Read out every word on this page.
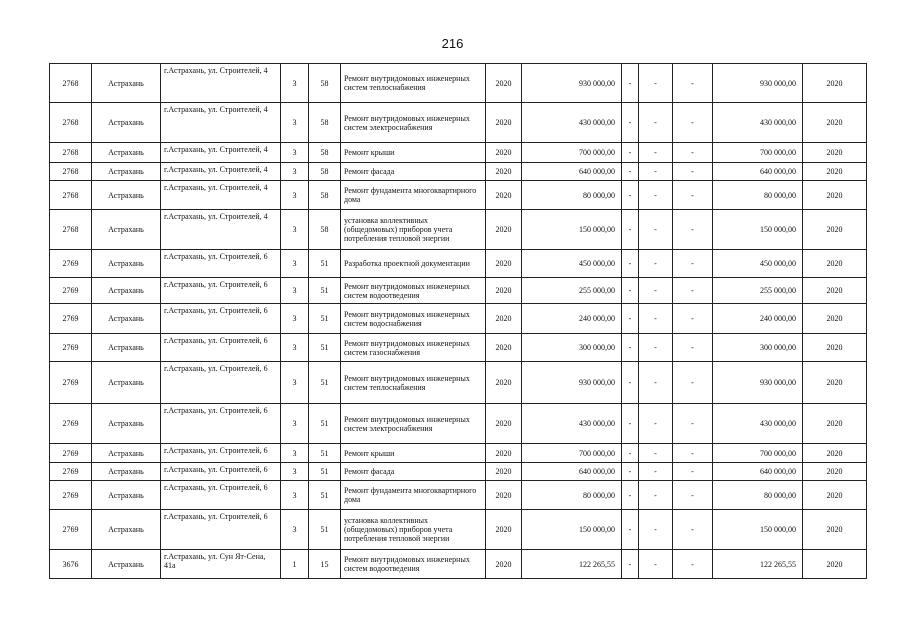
216
2768	Астрахань	г.Астрахань, ул. Строителей, 4	3	58	Ремонт внутридомовых инженерных систем теплоснабжения	2020	930 000,00	-	-	-	930 000,00	2020
2768	Астрахань	г.Астрахань, ул. Строителей, 4	3	58	Ремонт внутридомовых инженерных систем электроснабжения	2020	430 000,00	-	-	-	430 000,00	2020
2768	Астрахань	г.Астрахань, ул. Строителей, 4	3	58	Ремонт крыши	2020	700 000,00	-	-	-	700 000,00	2020
2768	Астрахань	г.Астрахань, ул. Строителей, 4	3	58	Ремонт фасада	2020	640 000,00	-	-	-	640 000,00	2020
2768	Астрахань	г.Астрахань, ул. Строителей, 4	3	58	Ремонт фундамента многоквартирного дома	2020	80 000,00	-	-	-	80 000,00	2020
2768	Астрахань	г.Астрахань, ул. Строителей, 4	3	58	установка коллективных (общедомовых) приборов учета потребления тепловой энергии	2020	150 000,00	-	-	-	150 000,00	2020
2769	Астрахань	г.Астрахань, ул. Строителей, 6	3	51	Разработка проектной документации	2020	450 000,00	-	-	-	450 000,00	2020
2769	Астрахань	г.Астрахань, ул. Строителей, 6	3	51	Ремонт внутридомовых инженерных систем водоотведения	2020	255 000,00	-	-	-	255 000,00	2020
2769	Астрахань	г.Астрахань, ул. Строителей, 6	3	51	Ремонт внутридомовых инженерных систем водоснабжения	2020	240 000,00	-	-	-	240 000,00	2020
2769	Астрахань	г.Астрахань, ул. Строителей, 6	3	51	Ремонт внутридомовых инженерных систем газоснабжения	2020	300 000,00	-	-	-	300 000,00	2020
2769	Астрахань	г.Астрахань, ул. Строителей, 6	3	51	Ремонт внутридомовых инженерных систем теплоснабжения	2020	930 000,00	-	-	-	930 000,00	2020
2769	Астрахань	г.Астрахань, ул. Строителей, 6	3	51	Ремонт внутридомовых инженерных систем электроснабжения	2020	430 000,00	-	-	-	430 000,00	2020
2769	Астрахань	г.Астрахань, ул. Строителей, 6	3	51	Ремонт крыши	2020	700 000,00	-	-	-	700 000,00	2020
2769	Астрахань	г.Астрахань, ул. Строителей, 6	3	51	Ремонт фасада	2020	640 000,00	-	-	-	640 000,00	2020
2769	Астрахань	г.Астрахань, ул. Строителей, 6	3	51	Ремонт фундамента многоквартирного дома	2020	80 000,00	-	-	-	80 000,00	2020
2769	Астрахань	г.Астрахань, ул. Строителей, 6	3	51	установка коллективных (общедомовых) приборов учета потребления тепловой энергии	2020	150 000,00	-	-	-	150 000,00	2020
3676	Астрахань	г.Астрахань, ул. Сун Ят-Сена, 41а	1	15	Ремонт внутридомовых инженерных систем водоотведения	2020	122 265,55	-	-	-	122 265,55	2020
